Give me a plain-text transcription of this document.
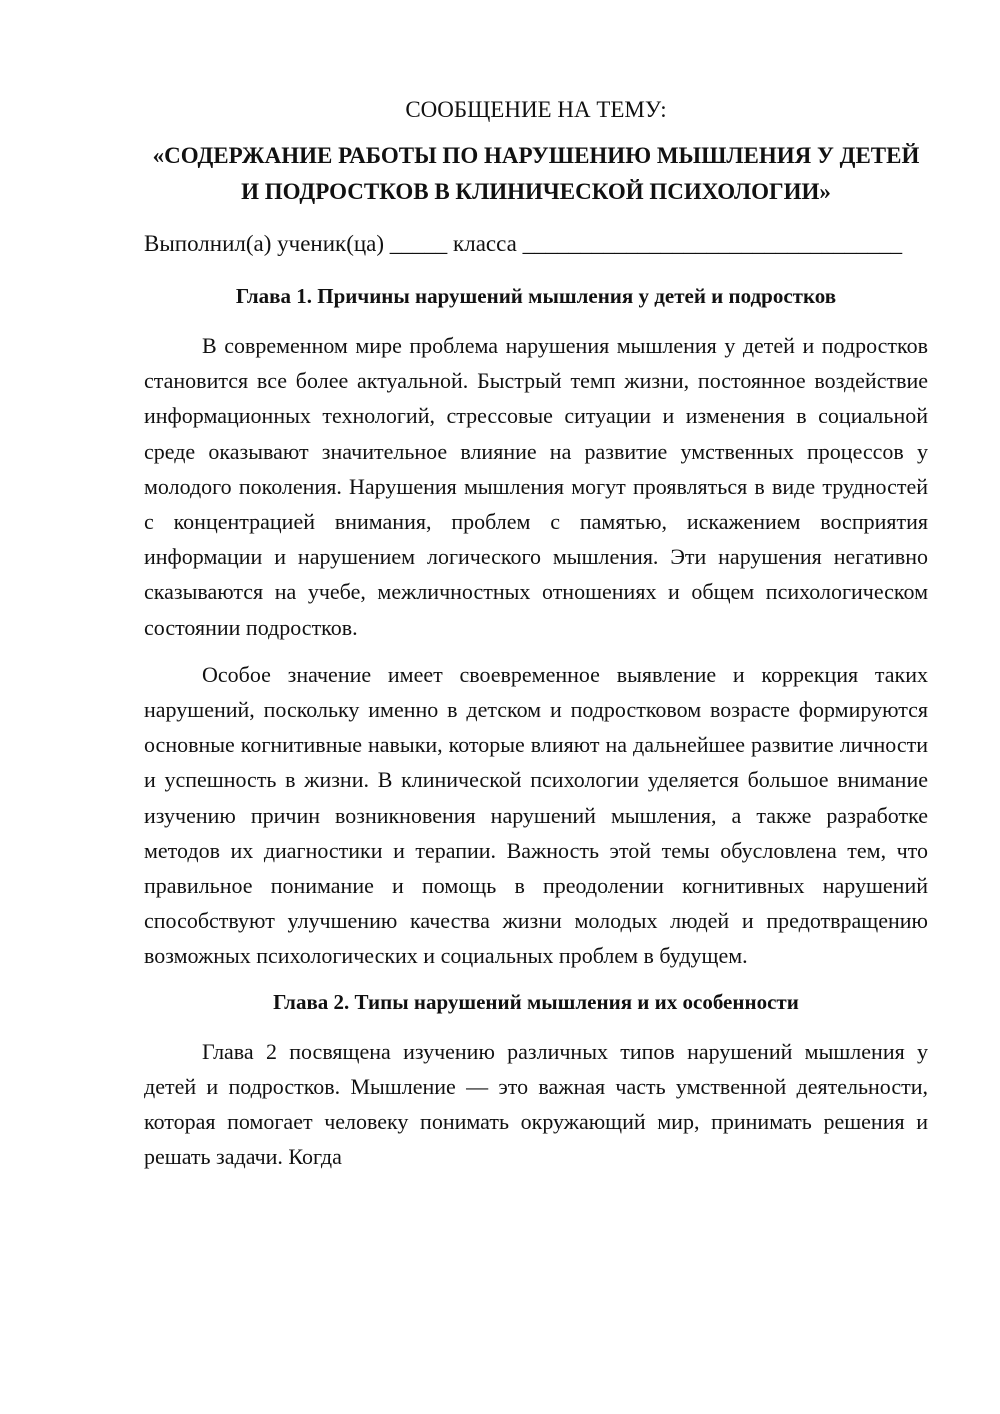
СООБЩЕНИЕ НА ТЕМУ:

«СОДЕРЖАНИЕ РАБОТЫ ПО НАРУШЕНИЮ МЫШЛЕНИЯ У ДЕТЕЙ И ПОДРОСТКОВ В КЛИНИЧЕСКОЙ ПСИХОЛОГИИ»

Выполнил(а) ученик(ца) _____ класса _________________________________

Глава 1. Причины нарушений мышления у детей и подростков

В современном мире проблема нарушения мышления у детей и подростков становится все более актуальной. Быстрый темп жизни, постоянное воздействие информационных технологий, стрессовые ситуации и изменения в социальной среде оказывают значительное влияние на развитие умственных процессов у молодого поколения. Нарушения мышления могут проявляться в виде трудностей с концентрацией внимания, проблем с памятью, искажением восприятия информации и нарушением логического мышления. Эти нарушения негативно сказываются на учебе, межличностных отношениях и общем психологическом состоянии подростков.

Особое значение имеет своевременное выявление и коррекция таких нарушений, поскольку именно в детском и подростковом возрасте формируются основные когнитивные навыки, которые влияют на дальнейшее развитие личности и успешность в жизни. В клинической психологии уделяется большое внимание изучению причин возникновения нарушений мышления, а также разработке методов их диагностики и терапии. Важность этой темы обусловлена тем, что правильное понимание и помощь в преодолении когнитивных нарушений способствуют улучшению качества жизни молодых людей и предотвращению возможных психологических и социальных проблем в будущем.

Глава 2. Типы нарушений мышления и их особенности

Глава 2 посвящена изучению различных типов нарушений мышления у детей и подростков. Мышление — это важная часть умственной деятельности, которая помогает человеку понимать окружающий мир, принимать решения и решать задачи. Когда
